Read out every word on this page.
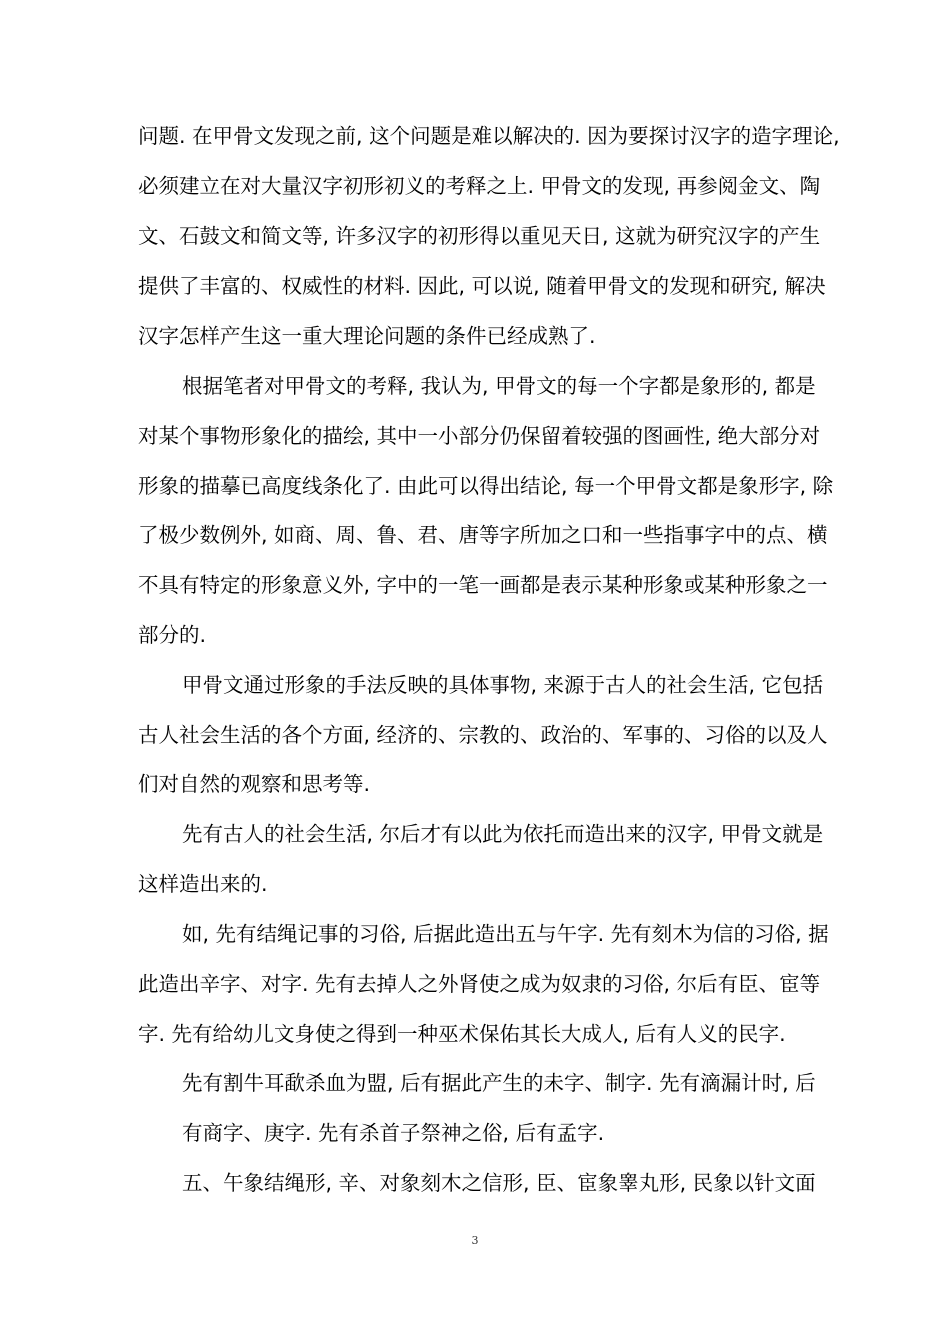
问题. 在甲骨文发现之前, 这个问题是难以解决的. 因为要探讨汉字的造字理论,
必须建立在对大量汉字初形初义的考释之上. 甲骨文的发现, 再参阅金文、陶
文、石鼓文和简文等, 许多汉字的初形得以重见天日, 这就为研究汉字的产生
提供了丰富的、权威性的材料. 因此, 可以说, 随着甲骨文的发现和研究, 解决
汉字怎样产生这一重大理论问题的条件已经成熟了.
根据笔者对甲骨文的考释, 我认为, 甲骨文的每一个字都是象形的, 都是
对某个事物形象化的描绘, 其中一小部分仍保留着较强的图画性, 绝大部分对
形象的描摹已高度线条化了. 由此可以得出结论, 每一个甲骨文都是象形字, 除
了极少数例外, 如商、周、鲁、君、唐等字所加之口和一些指事字中的点、横
不具有特定的形象意义外, 字中的一笔一画都是表示某种形象或某种形象之一
部分的.
甲骨文通过形象的手法反映的具体事物, 来源于古人的社会生活, 它包括
古人社会生活的各个方面, 经济的、宗教的、政治的、军事的、习俗的以及人
们对自然的观察和思考等.
先有古人的社会生活, 尔后才有以此为依托而造出来的汉字, 甲骨文就是
这样造出来的.
如, 先有结绳记事的习俗, 后据此造出五与午字. 先有刻木为信的习俗, 据
此造出辛字、对字. 先有去掉人之外肾使之成为奴隶的习俗, 尔后有臣、宦等
字. 先有给幼儿文身使之得到一种巫术保佑其长大成人, 后有人义的民字.
先有割牛耳歃杀血为盟, 后有据此产生的未字、制字. 先有滴漏计时, 后
有商字、庚字. 先有杀首子祭神之俗, 后有孟字.
五、午象结绳形, 辛、对象刻木之信形, 臣、宦象睾丸形, 民象以针文面
3
